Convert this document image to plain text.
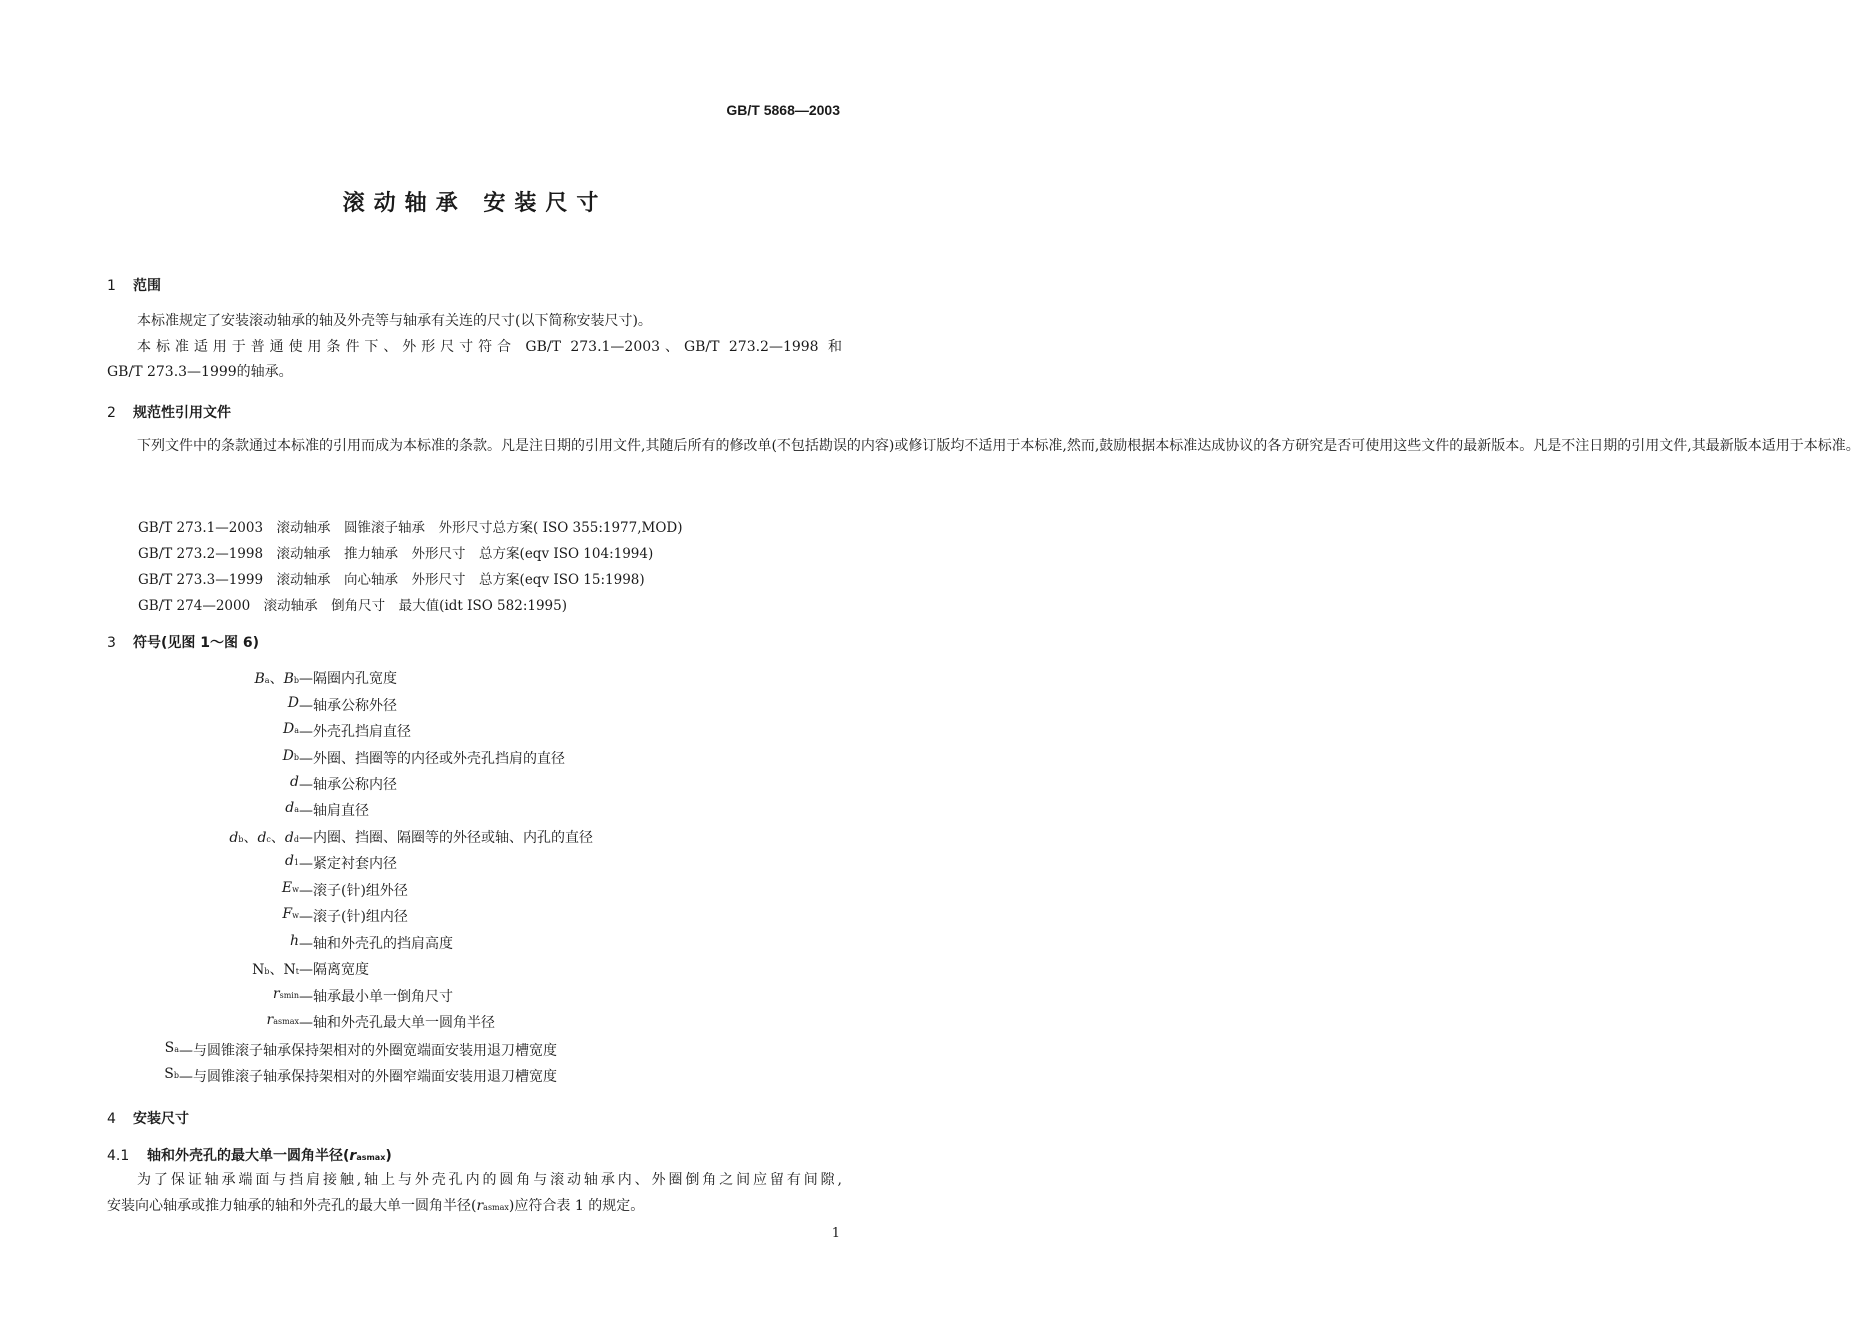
GB/T 5868—2003
滚动轴承 安装尺寸
1 范围

本标准规定了安装滚动轴承的轴及外壳等与轴承有关连的尺寸(以下简称安装尺寸)。

本标准适用于普通使用条件下、外形尺寸符合 GB/T 273.1—2003、GB/T 273.2—1998 和

GB/T 273.3—1999的轴承。

2 规范性引用文件

下列文件中的条款通过本标准的引用而成为本标准的条款。凡是注日期的引用文件,其随后所有的修改单(不包括勘误的内容)或修订版均不适用于本标准,然而,鼓励根据本标准达成协议的各方研究是否可使用这些文件的最新版本。凡是不注日期的引用文件,其最新版本适用于本标准。

GB/T 273.1—2003　滚动轴承　圆锥滚子轴承　外形尺寸总方案( ISO 355:1977,MOD)
GB/T 273.2—1998　滚动轴承　推力轴承　外形尺寸　总方案(eqv ISO 104:1994)
GB/T 273.3—1999　滚动轴承　向心轴承　外形尺寸　总方案(eqv ISO 15:1998)
GB/T 274—2000　滚动轴承　倒角尺寸　最大值(idt ISO 582:1995)
3 符号(见图 1～图 6)
Ba、Bb —隔圈内孔宽度
D —轴承公称外径
Da —外壳孔挡肩直径
Db —外圈、挡圈等的内径或外壳孔挡肩的直径
d —轴承公称内径
da —轴肩直径
db、dc、dd —内圈、挡圈、隔圈等的外径或轴、内孔的直径
d1 —紧定衬套内径
Ew —滚子(针)组外径
Fw —滚子(针)组内径
h —轴和外壳孔的挡肩高度
Nb、Nt —隔离宽度
rsmin —轴承最小单一倒角尺寸
rasmax —轴和外壳孔最大单一圆角半径
Sa —与圆锥滚子轴承保持架相对的外圈宽端面安装用退刀槽宽度
Sb —与圆锥滚子轴承保持架相对的外圈窄端面安装用退刀槽宽度
4 安装尺寸
4.1 轴和外壳孔的最大单一圆角半径(rasmax)

为了保证轴承端面与挡肩接触,轴上与外壳孔内的圆角与滚动轴承内、外圈倒角之间应留有间隙,

安装向心轴承或推力轴承的轴和外壳孔的最大单一圆角半径(rasmax)应符合表 1 的规定。

1
